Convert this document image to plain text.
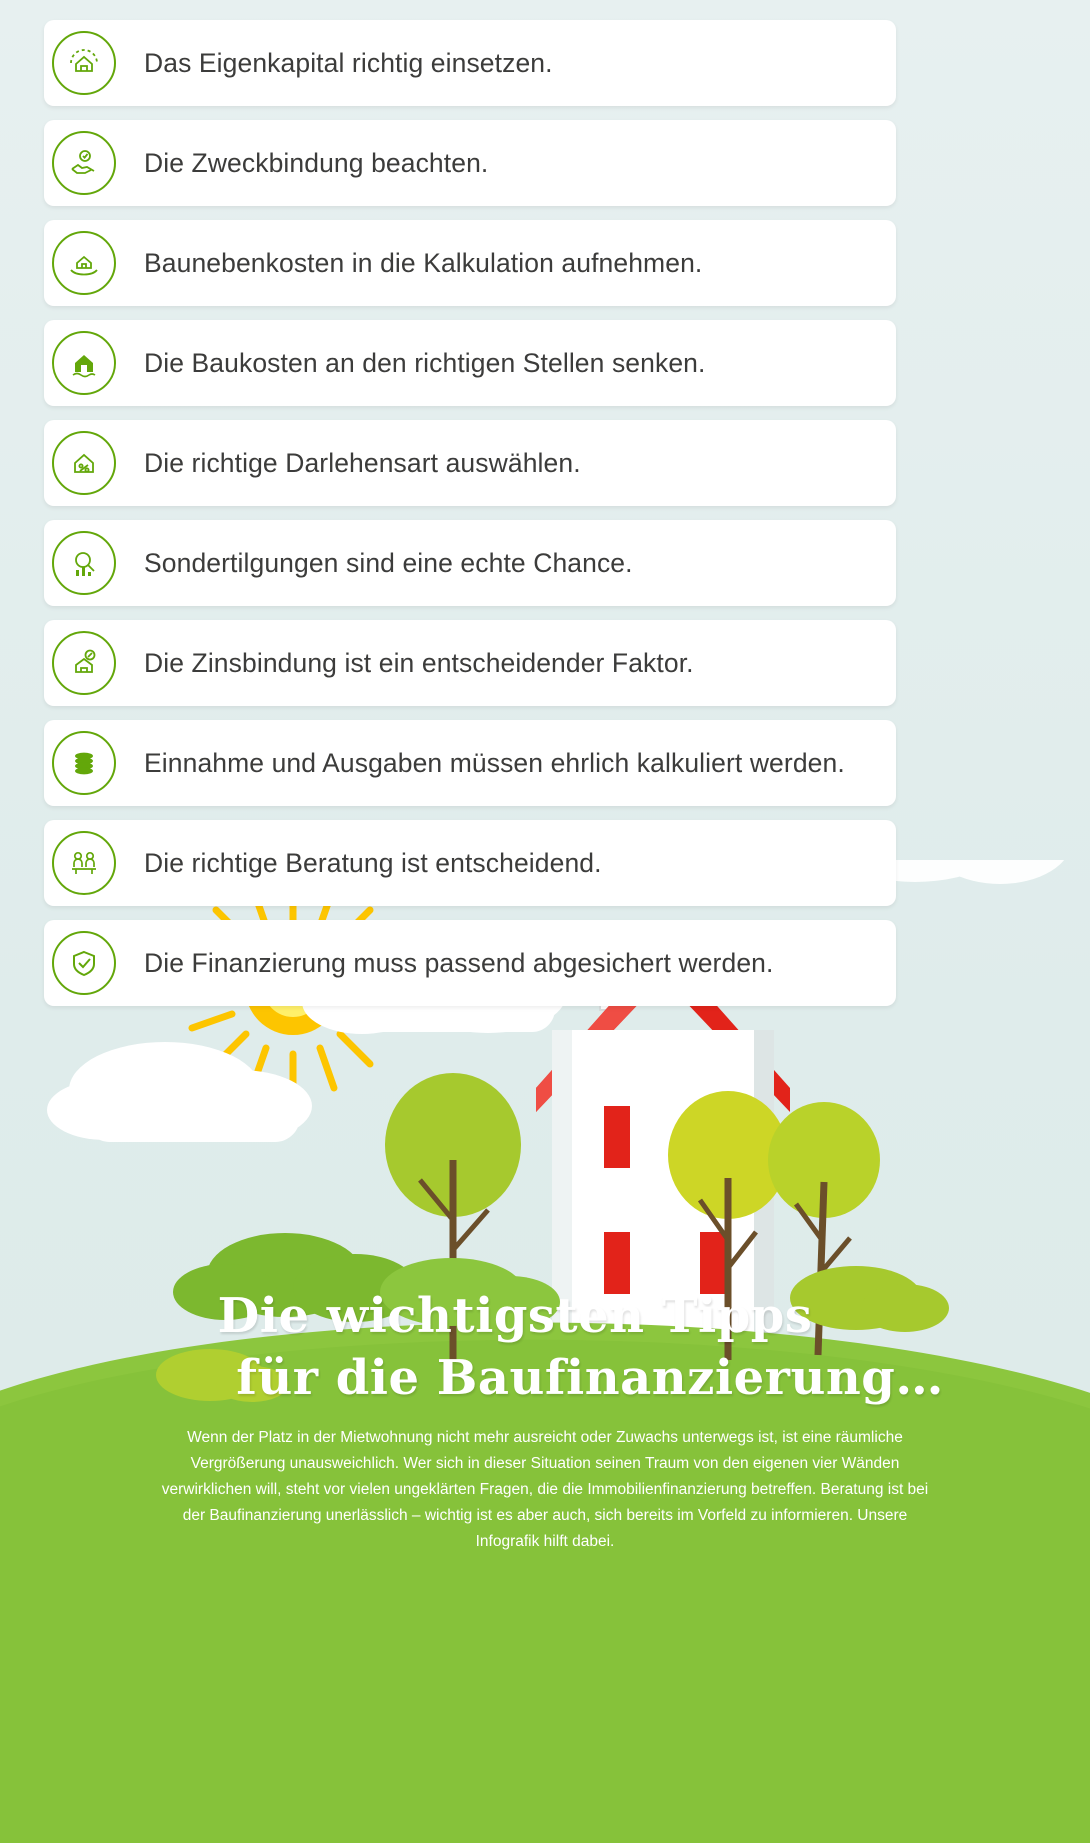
Das Eigenkapital richtig einsetzen.
Die Zweckbindung beachten.
Baunebenkosten in die Kalkulation aufnehmen.
Die Baukosten an den richtigen Stellen senken.
Die richtige Darlehensart auswählen.
Sondertilgungen sind eine echte Chance.
Die Zinsbindung ist ein entscheidender Faktor.
Einnahme und Ausgaben müssen ehrlich kalkuliert werden.
Die richtige Beratung ist entscheidend.
Die Finanzierung muss passend abgesichert werden.
Die wichtigsten Tipps
für die Baufinanzierung…

Wenn der Platz in der Mietwohnung nicht mehr ausreicht oder Zuwachs unterwegs ist, ist eine räumliche Vergrößerung unausweichlich. Wer sich in dieser Situation seinen Traum von den eigenen vier Wänden verwirklichen will, steht vor vielen ungeklärten Fragen, die die Immobilienfinanzierung betreffen. Beratung ist bei der Baufinanzierung unerlässlich – wichtig ist es aber auch, sich bereits im Vorfeld zu informieren. Unsere Infografik hilft dabei.
